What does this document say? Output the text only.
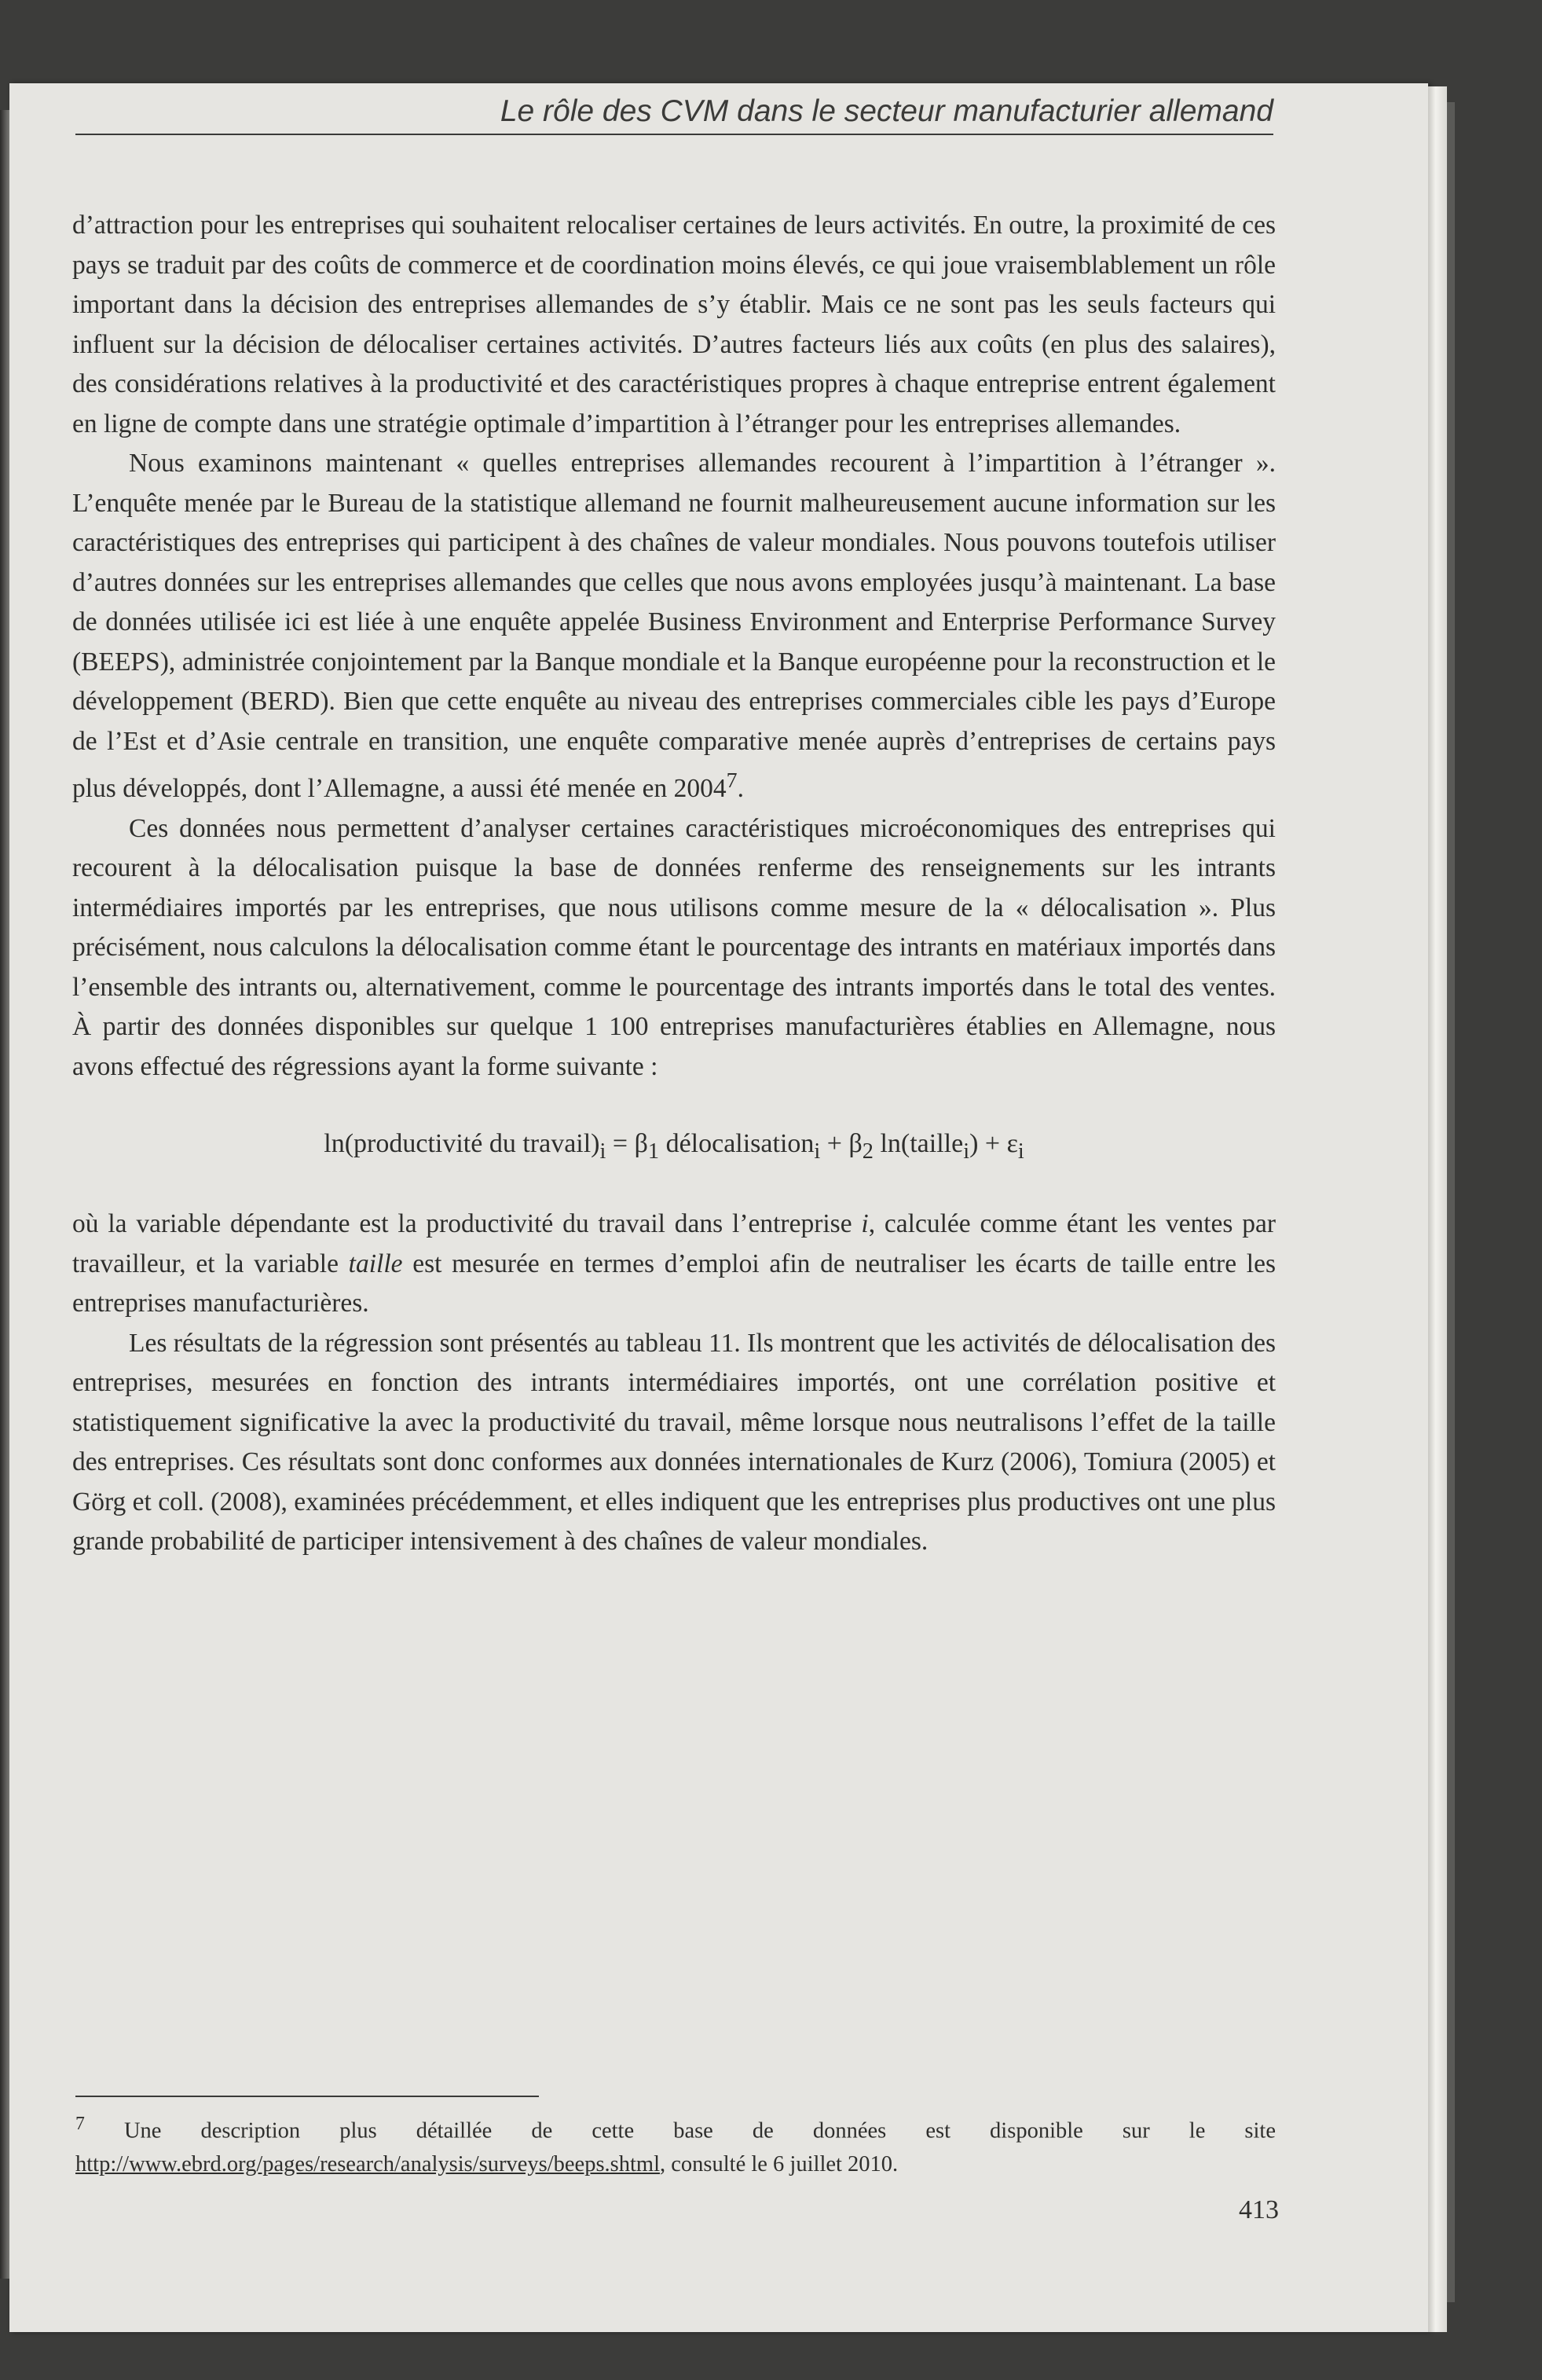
Le rôle des CVM dans le secteur manufacturier allemand

d’attraction pour les entreprises qui souhaitent relocaliser certaines de leurs activités. En outre, la proximité de ces pays se traduit par des coûts de commerce et de coordination moins élevés, ce qui joue vraisemblablement un rôle important dans la décision des entreprises allemandes de s’y établir. Mais ce ne sont pas les seuls facteurs qui influent sur la décision de délocaliser certaines activités. D’autres facteurs liés aux coûts (en plus des salaires), des considérations relatives à la productivité et des caractéristiques propres à chaque entreprise entrent également en ligne de compte dans une stratégie optimale d’impartition à l’étranger pour les entreprises allemandes.

Nous examinons maintenant « quelles entreprises allemandes recourent à l’impartition à l’étranger ». L’enquête menée par le Bureau de la statistique allemand ne fournit malheureusement aucune information sur les caractéristiques des entreprises qui participent à des chaînes de valeur mondiales. Nous pouvons toutefois utiliser d’autres données sur les entreprises allemandes que celles que nous avons employées jusqu’à maintenant. La base de données utilisée ici est liée à une enquête appelée Business Environment and Enterprise Performance Survey (BEEPS), administrée conjointement par la Banque mondiale et la Banque européenne pour la reconstruction et le développement (BERD). Bien que cette enquête au niveau des entreprises commerciales cible les pays d’Europe de l’Est et d’Asie centrale en transition, une enquête comparative menée auprès d’entreprises de certains pays plus développés, dont l’Allemagne, a aussi été menée en 2004$^7$.

Ces données nous permettent d’analyser certaines caractéristiques microéconomiques des entreprises qui recourent à la délocalisation puisque la base de données renferme des renseignements sur les intrants intermédiaires importés par les entreprises, que nous utilisons comme mesure de la « délocalisation ». Plus précisément, nous calculons la délocalisation comme étant le pourcentage des intrants en matériaux importés dans l’ensemble des intrants ou, alternativement, comme le pourcentage des intrants importés dans le total des ventes. À partir des données disponibles sur quelque 1 100 entreprises manufacturières établies en Allemagne, nous avons effectué des régressions ayant la forme suivante :

ln(productivité du $travail)_i = \beta_1$ délocalisation$_i$ + $\beta_2$ ln(taille$_i$) + $\varepsilon_i$

où la variable dépendante est la productivité du travail dans l’entreprise i, calculée comme étant les ventes par travailleur, et la variable taille est mesurée en termes d’emploi afin de neutraliser les écarts de taille entre les entreprises manufacturières.

Les résultats de la régression sont présentés au tableau 11. Ils montrent que les activités de délocalisation des entreprises, mesurées en fonction des intrants intermédiaires importés, ont une corrélation positive et statistiquement significative la avec la productivité du travail, même lorsque nous neutralisons l’effet de la taille des entreprises. Ces résultats sont donc conformes aux données internationales de Kurz (2006), Tomiura (2005) et Görg et coll. (2008), examinées précédemment, et elles indiquent que les entreprises plus productives ont une plus grande probabilité de participer intensivement à des chaînes de valeur mondiales.

$^7$ Une description plus détaillée de cette base de données est disponible sur le site http://www.ebrd.org/pages/research/analysis/surveys/beeps.shtml, consulté le 6 juillet 2010.
413
